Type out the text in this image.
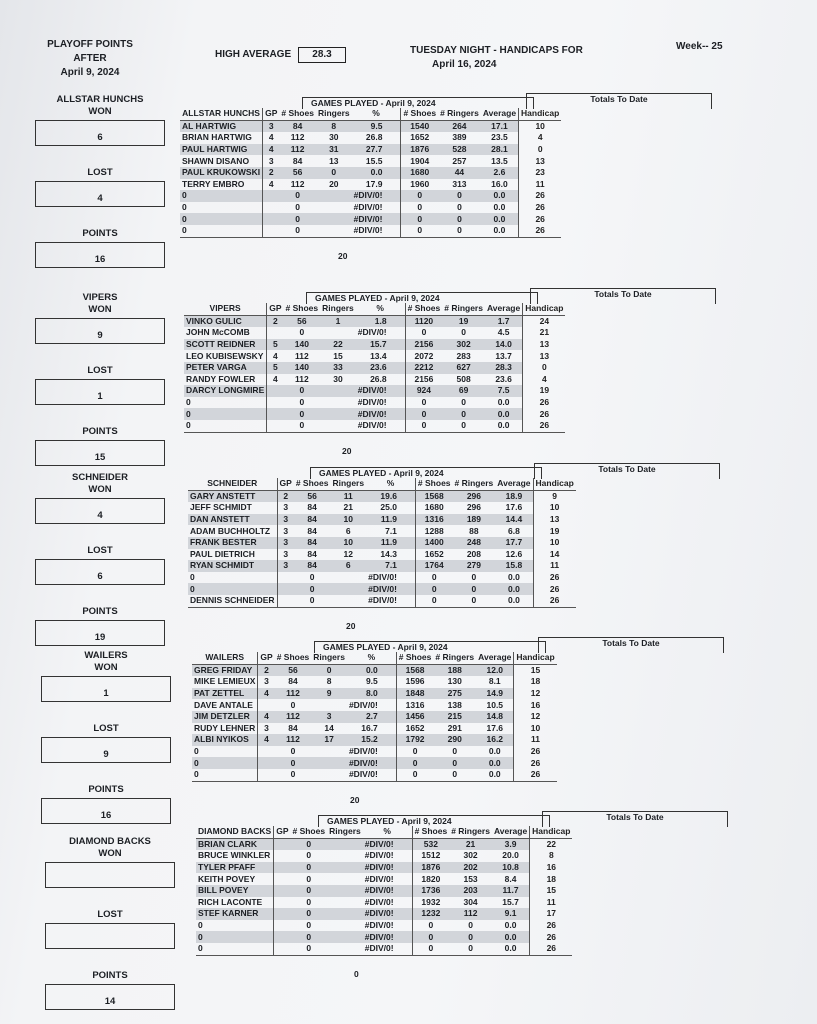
PLAYOFF POINTS
AFTER
April 9, 2024
HIGH AVERAGE	28.3	TUESDAY NIGHT - HANDICAPS FOR
April 16, 2024
Week-- 25
ALLSTAR HUNCHS
WON
6
LOST
4
POINTS
16
GAMES PLAYED - April 9, 2024	Totals To Date
ALLSTAR HUNCHS	GP	# Shoes	Ringers	%	# Shoes	# Ringers	Average	Handicap
AL HARTWIG	3	84	8	9.5	1540	264	17.1	10
BRIAN HARTWIG	4	112	30	26.8	1652	389	23.5	4
PAUL HARTWIG	4	112	31	27.7	1876	528	28.1	0
SHAWN DISANO	3	84	13	15.5	1904	257	13.5	13
PAUL KRUKOWSKI	2	56	0	0.0	1680	44	2.6	23
TERRY EMBRO	4	112	20	17.9	1960	313	16.0	11
0		0		#DIV/0!	0	0	0.0	26
0		0		#DIV/0!	0	0	0.0	26
0		0		#DIV/0!	0	0	0.0	26
0		0		#DIV/0!	0	0	0.0	26
20
VIPERS
WON
9
LOST
1
POINTS
15
GAMES PLAYED - April 9, 2024	Totals To Date
VIPERS	GP	# Shoes	Ringers	%	# Shoes	# Ringers	Average	Handicap
VINKO GULIC	2	56	1	1.8	1120	19	1.7	24
JOHN McCOMB		0		#DIV/0!	0	0	4.5	21
SCOTT REIDNER	5	140	22	15.7	2156	302	14.0	13
LEO KUBISEWSKY	4	112	15	13.4	2072	283	13.7	13
PETER VARGA	5	140	33	23.6	2212	627	28.3	0
RANDY FOWLER	4	112	30	26.8	2156	508	23.6	4
DARCY LONGMIRE		0		#DIV/0!	924	69	7.5	19
0		0		#DIV/0!	0	0	0.0	26
0		0		#DIV/0!	0	0	0.0	26
0		0		#DIV/0!	0	0	0.0	26
20
SCHNEIDER
WON
4
LOST
6
POINTS
19
GAMES PLAYED - April 9, 2024	Totals To Date
SCHNEIDER	GP	# Shoes	Ringers	%	# Shoes	# Ringers	Average	Handicap
GARY ANSTETT	2	56	11	19.6	1568	296	18.9	9
JEFF SCHMIDT	3	84	21	25.0	1680	296	17.6	10
DAN ANSTETT	3	84	10	11.9	1316	189	14.4	13
ADAM BUCHHOLTZ	3	84	6	7.1	1288	88	6.8	19
FRANK BESTER	3	84	10	11.9	1400	248	17.7	10
PAUL DIETRICH	3	84	12	14.3	1652	208	12.6	14
RYAN SCHMIDT	3	84	6	7.1	1764	279	15.8	11
0		0		#DIV/0!	0	0	0.0	26
0		0		#DIV/0!	0	0	0.0	26
DENNIS SCHNEIDER		0		#DIV/0!	0	0	0.0	26
20
WAILERS
WON
1
LOST
9
POINTS
16
GAMES PLAYED - April 9, 2024	Totals To Date
WAILERS	GP	# Shoes	Ringers	%	# Shoes	# Ringers	Average	Handicap
GREG FRIDAY	2	56	0	0.0	1568	188	12.0	15
MIKE LEMIEUX	3	84	8	9.5	1596	130	8.1	18
PAT ZETTEL	4	112	9	8.0	1848	275	14.9	12
DAVE ANTALE		0		#DIV/0!	1316	138	10.5	16
JIM DETZLER	4	112	3	2.7	1456	215	14.8	12
RUDY LEHNER	3	84	14	16.7	1652	291	17.6	10
ALBI NYIKOS	4	112	17	15.2	1792	290	16.2	11
0		0		#DIV/0!	0	0	0.0	26
0		0		#DIV/0!	0	0	0.0	26
0		0		#DIV/0!	0	0	0.0	26
20
DIAMOND BACKS
WON
LOST
POINTS
14
GAMES PLAYED - April 9, 2024	Totals To Date
DIAMOND BACKS	GP	# Shoes	Ringers	%	# Shoes	# Ringers	Average	Handicap
BRIAN CLARK		0		#DIV/0!	532	21	3.9	22
BRUCE WINKLER		0		#DIV/0!	1512	302	20.0	8
TYLER PFAFF		0		#DIV/0!	1876	202	10.8	16
KEITH POVEY		0		#DIV/0!	1820	153	8.4	18
BILL POVEY		0		#DIV/0!	1736	203	11.7	15
RICH LACONTE		0		#DIV/0!	1932	304	15.7	11
STEF KARNER		0		#DIV/0!	1232	112	9.1	17
0		0		#DIV/0!	0	0	0.0	26
0		0		#DIV/0!	0	0	0.0	26
0		0		#DIV/0!	0	0	0.0	26
0
